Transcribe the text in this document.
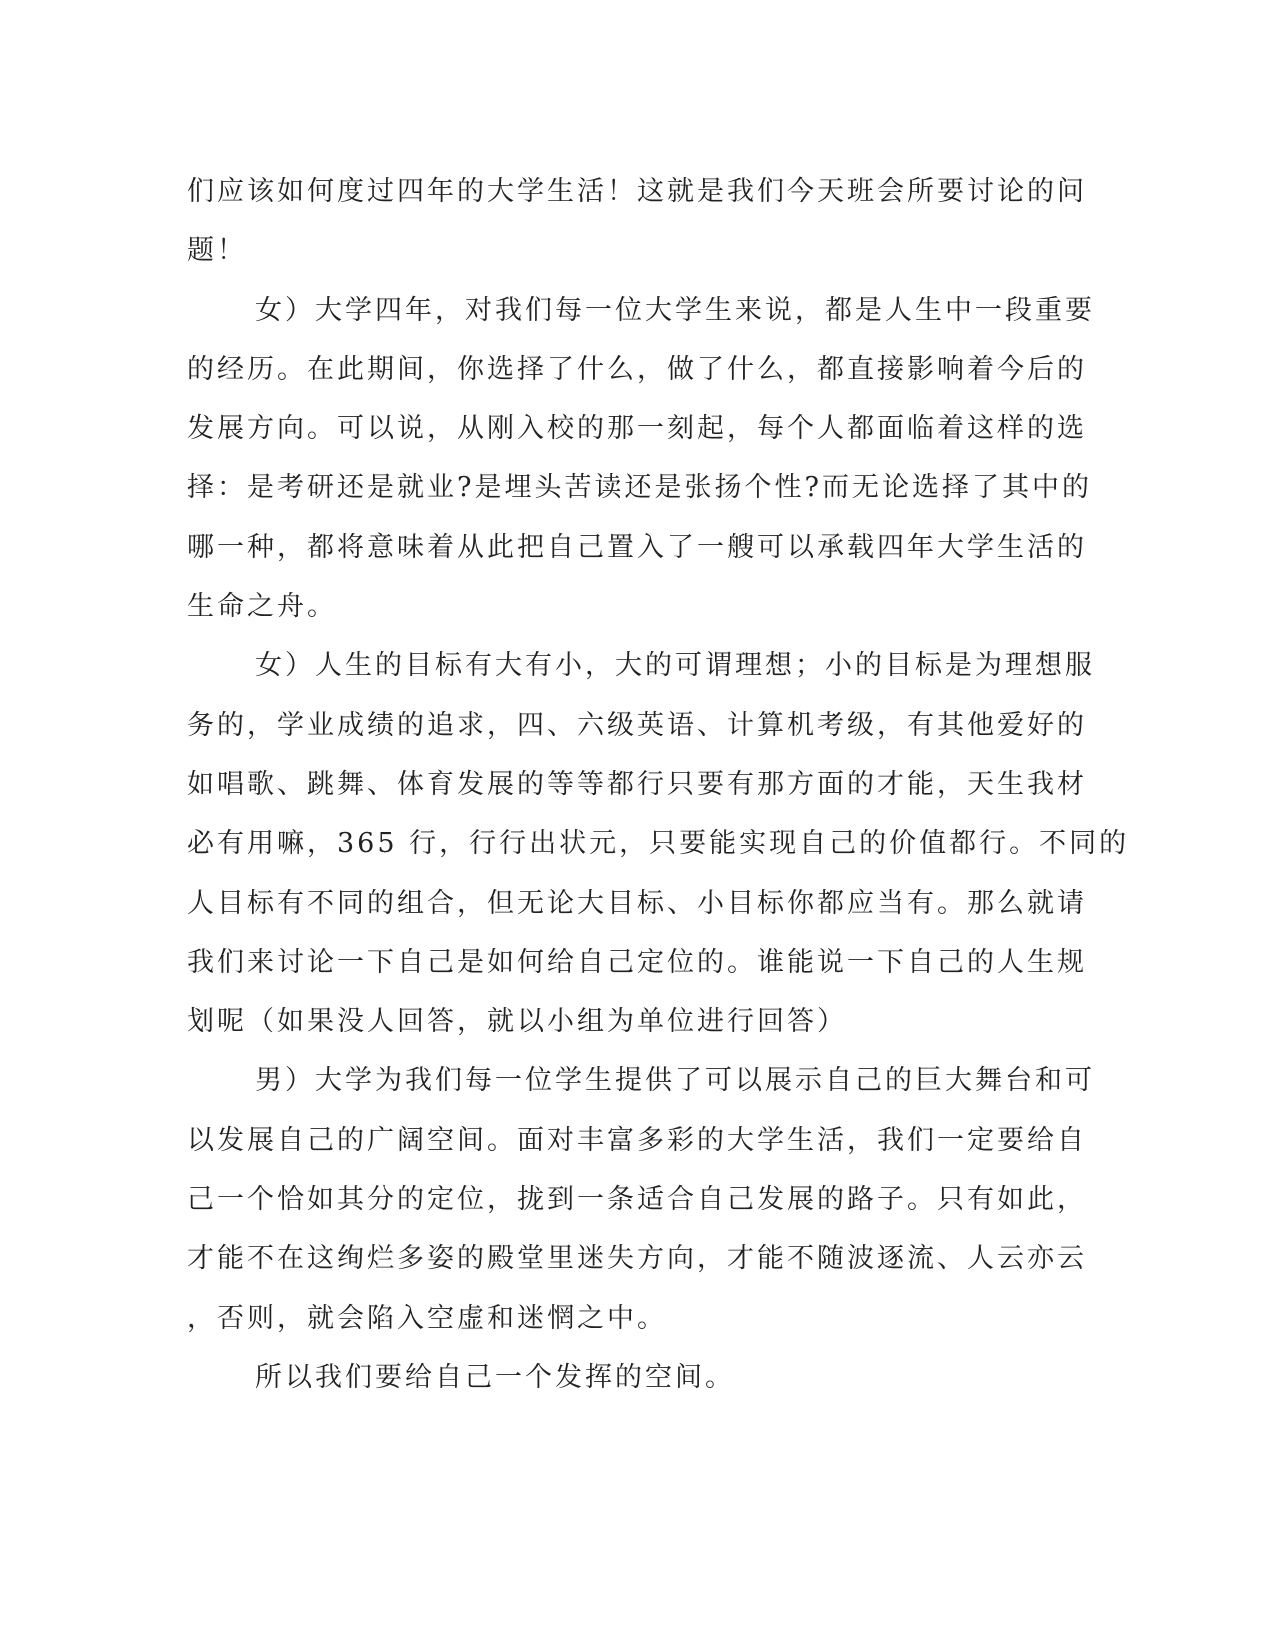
们应该如何度过四年的大学生活！这就是我们今天班会所要讨论的问
题！

女）大学四年，对我们每一位大学生来说，都是人生中一段重要
的经历。在此期间，你选择了什么，做了什么，都直接影响着今后的
发展方向。可以说，从刚入校的那一刻起，每个人都面临着这样的选
择：是考研还是就业?是埋头苦读还是张扬个性?而无论选择了其中的
哪一种，都将意味着从此把自己置入了一艘可以承载四年大学生活的
生命之舟。

女）人生的目标有大有小，大的可谓理想；小的目标是为理想服
务的，学业成绩的追求，四、六级英语、计算机考级，有其他爱好的
如唱歌、跳舞、体育发展的等等都行只要有那方面的才能，天生我材
必有用嘛，365 行，行行出状元，只要能实现自己的价值都行。不同的
人目标有不同的组合，但无论大目标、小目标你都应当有。那么就请
我们来讨论一下自己是如何给自己定位的。谁能说一下自己的人生规
划呢（如果没人回答，就以小组为单位进行回答）

男）大学为我们每一位学生提供了可以展示自己的巨大舞台和可
以发展自己的广阔空间。面对丰富多彩的大学生活，我们一定要给自
己一个恰如其分的定位，拢到一条适合自己发展的路子。只有如此，
才能不在这绚烂多姿的殿堂里迷失方向，才能不随波逐流、人云亦云
，否则，就会陷入空虚和迷惘之中。

所以我们要给自己一个发挥的空间。
